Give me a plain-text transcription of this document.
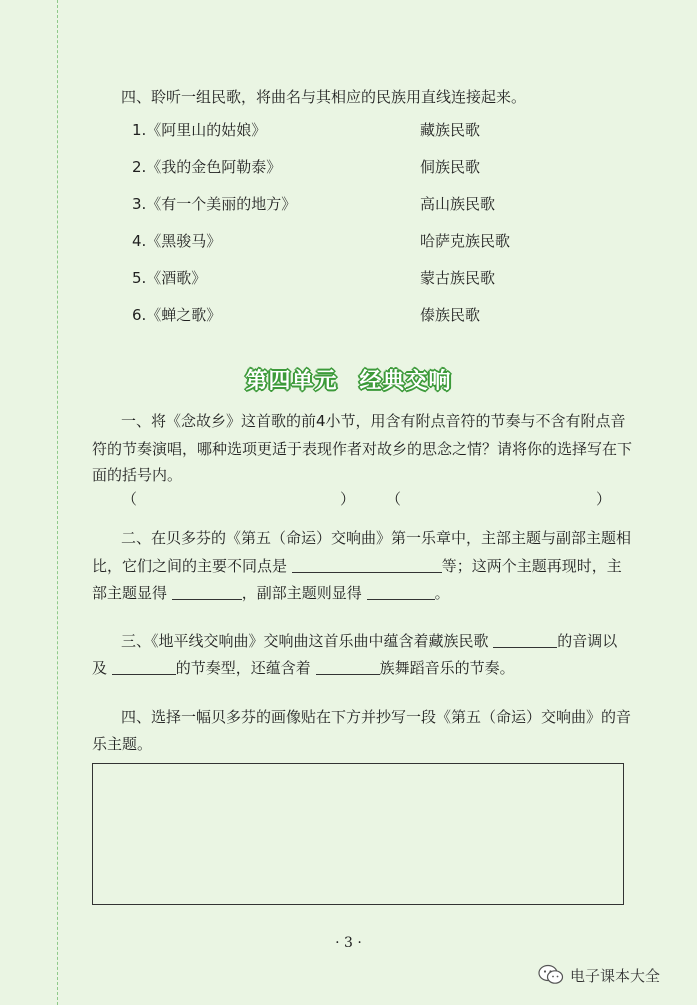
四、聆听一组民歌，将曲名与其相应的民族用直线连接起来。
1.《阿里山的姑娘》	藏族民歌
2.《我的金色阿勒泰》	侗族民歌
3.《有一个美丽的地方》	高山族民歌
4.《黑骏马》	哈萨克族民歌
5.《酒歌》	蒙古族民歌
6.《蝉之歌》	傣族民歌
第四单元 经典交响
一、将《念故乡》这首歌的前4小节，用含有附点音符的节奏与不含有附点音
符的节奏演唱，哪种选项更适于表现作者对故乡的思念之情？请将你的选择写在下
面的括号内。
（	） （	）
二、在贝多芬的《第五（命运）交响曲》第一乐章中，主部主题与副部主题相
比，它们之间的主要不同点是	等；这两个主题再现时，主
部主题显得	，副部主题则显得	。
三、《地平线交响曲》交响曲这首乐曲中蕴含着藏族民歌	的音调以
及	的节奏型，还蕴含着	族舞蹈音乐的节奏。
四、选择一幅贝多芬的画像贴在下方并抄写一段《第五（命运）交响曲》的音
乐主题。
· 3 ·
电子课本大全
